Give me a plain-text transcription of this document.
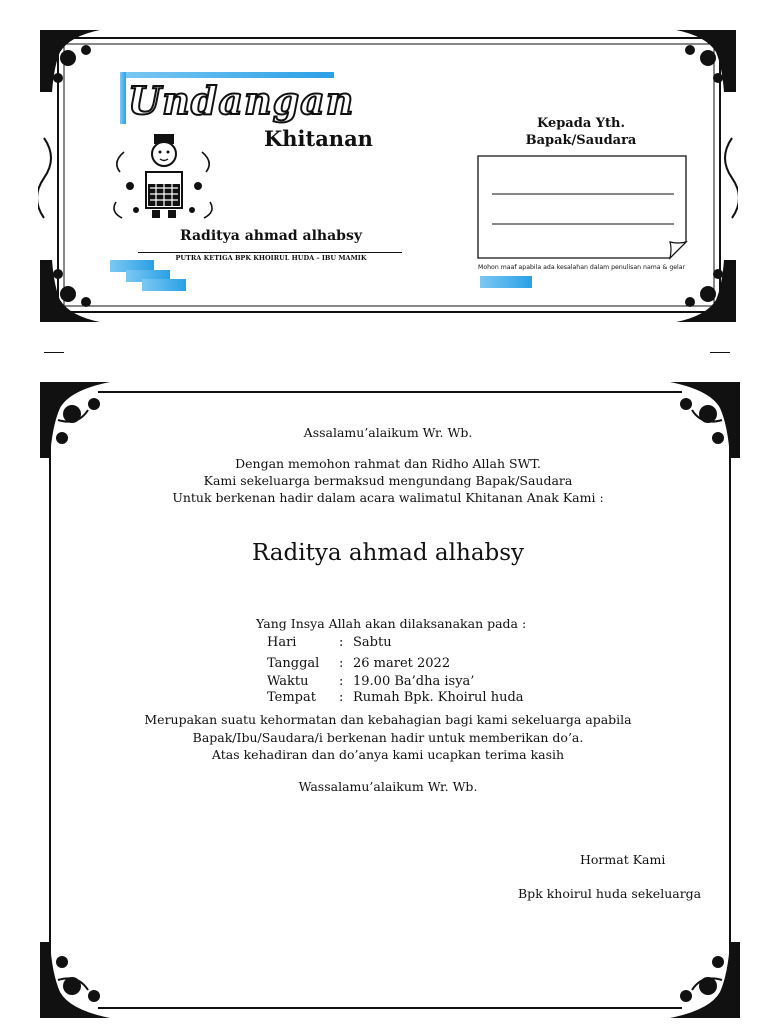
Undangan
Khitanan
Raditya ahmad alhabsy
PUTRA KETIGA BPK KHOIRUL HUDA – IBU MAMIK
Kepada Yth.
Bapak/Saudara
Mohon maaf apabila ada kesalahan dalam penulisan nama & gelar
Assalamu’alaikum Wr. Wb.
Dengan memohon rahmat dan Ridho Allah SWT.
Kami sekeluarga bermaksud mengundang Bapak/Saudara
Untuk berkenan hadir dalam acara walimatul Khitanan Anak Kami :
Raditya ahmad alhabsy
Yang Insya Allah akan dilaksanakan pada :
Hari	: Sabtu
Tanggal : 26 maret 2022
Waktu : 19.00 Ba’dha isya’
Tempat : Rumah Bpk. Khoirul huda
Merupakan suatu kehormatan dan kebahagian bagi kami sekeluarga apabila
Bapak/Ibu/Saudara/i berkenan hadir untuk memberikan do’a.
Atas kehadiran dan do’anya kami ucapkan terima kasih
Wassalamu’alaikum Wr. Wb.
Hormat Kami
Bpk khoirul huda sekeluarga
